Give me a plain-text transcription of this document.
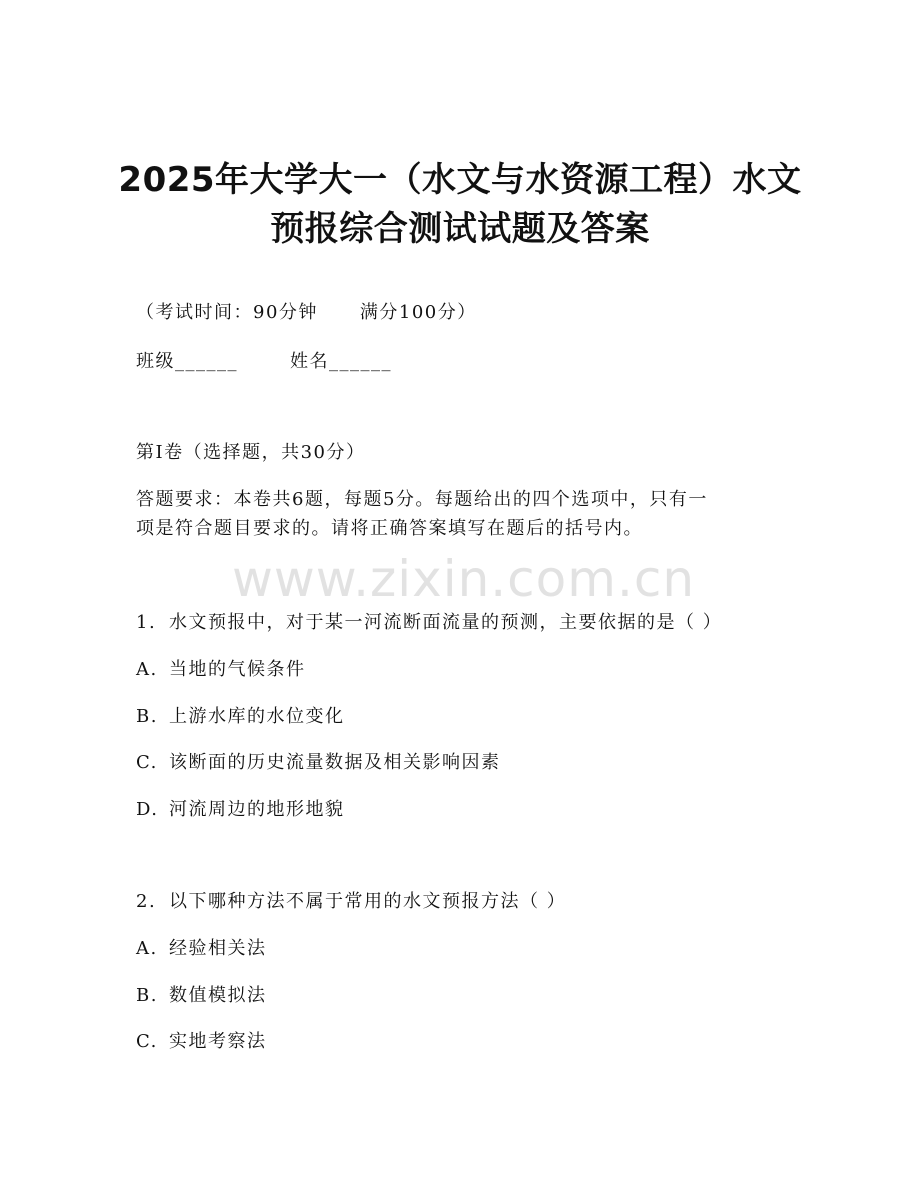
2025年大学大一（水文与水资源工程）水文
预报综合测试试题及答案
（考试时间：90分钟 满分100分）
班级______	姓名______
第I卷（选择题，共30分）
答题要求：本卷共6题，每题5分。每题给出的四个选项中，只有一
项是符合题目要求的。请将正确答案填写在题后的括号内。
www.zixin.com.cn
1. 水文预报中，对于某一河流断面流量的预测，主要依据的是（ ）
A. 当地的气候条件
B. 上游水库的水位变化
C. 该断面的历史流量数据及相关影响因素
D. 河流周边的地形地貌
2. 以下哪种方法不属于常用的水文预报方法（ ）
A. 经验相关法
B. 数值模拟法
C. 实地考察法
